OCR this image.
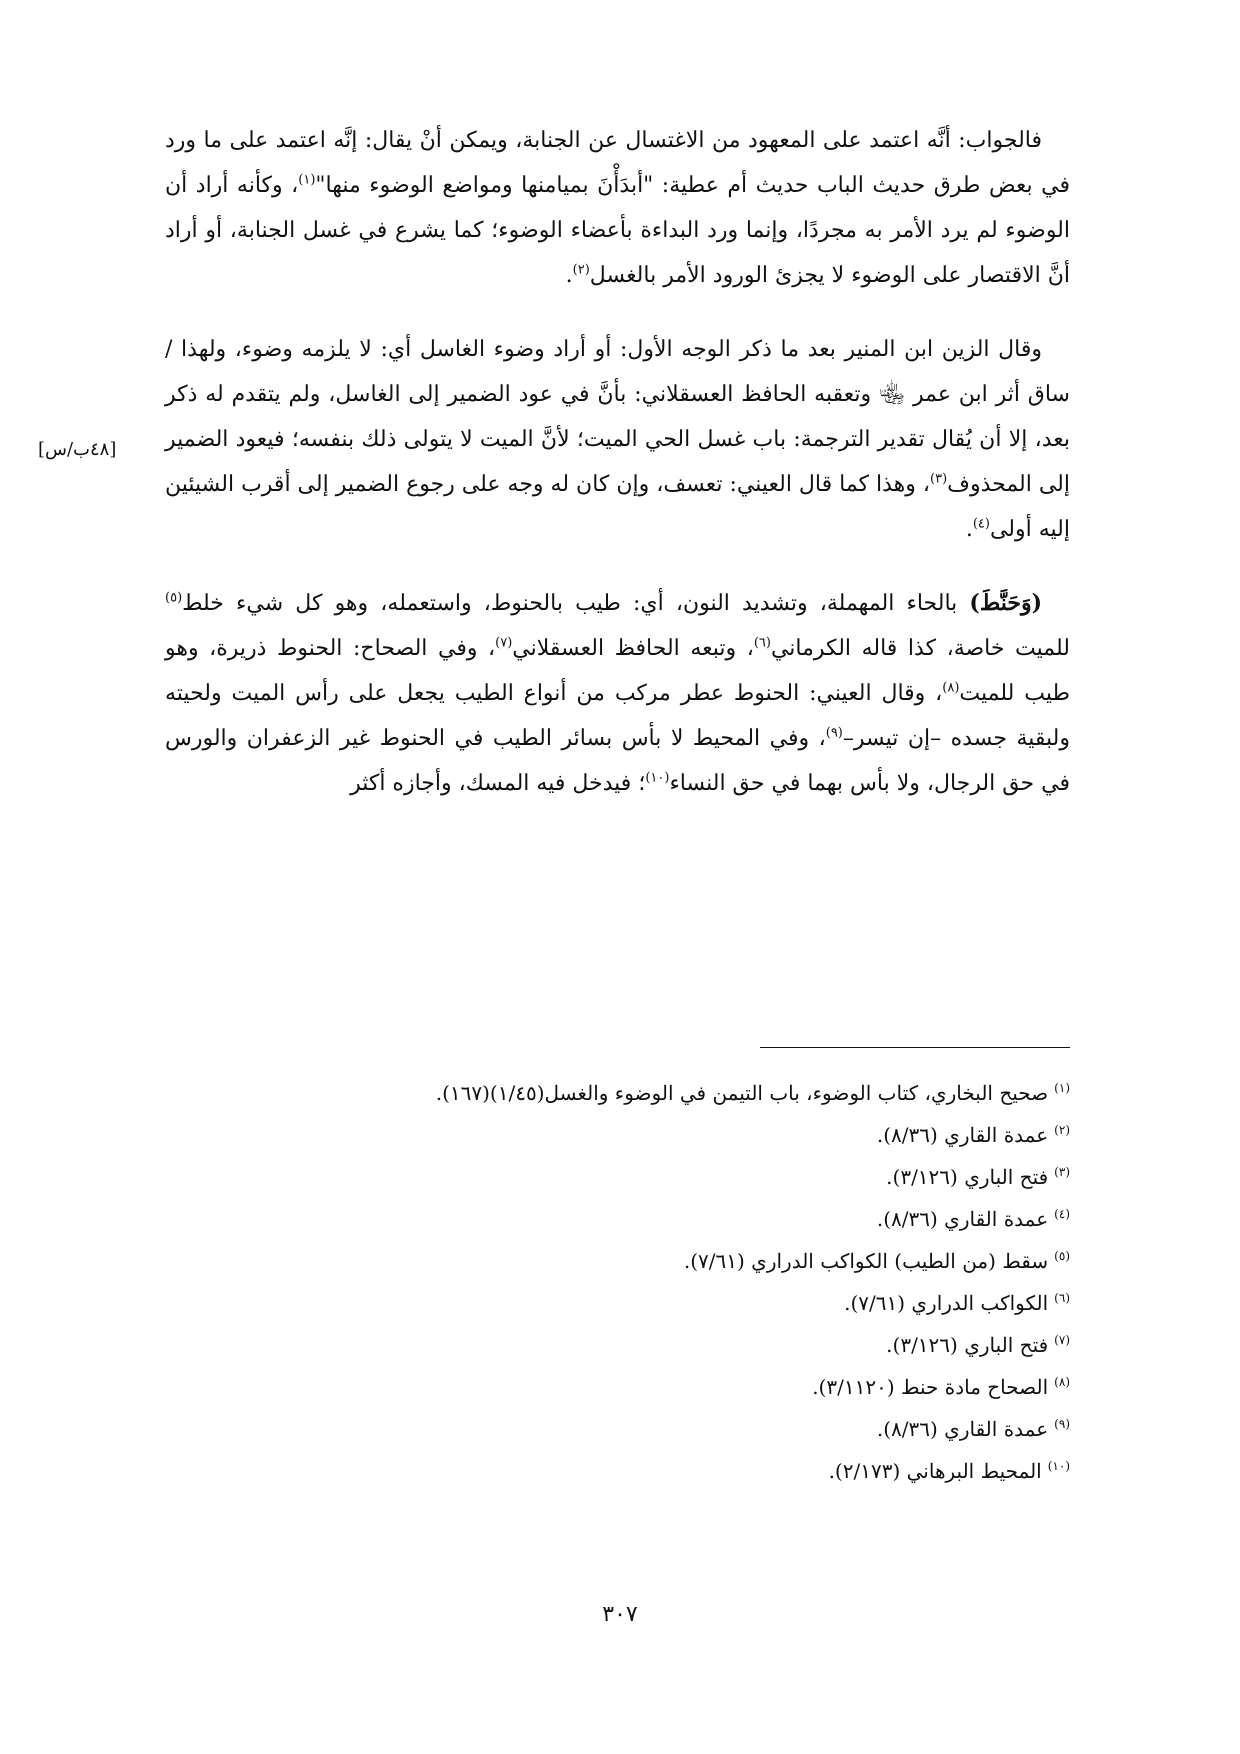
فالجواب: أنَّه اعتمد على المعهود من الاغتسال عن الجنابة، ويمكن أنْ يقال: إنَّه اعتمد على ما ورد في بعض طرق حديث الباب حديث أم عطية: "أبدَأْنَ بميامنها ومواضع الوضوء منها"$^{(١)}$، وكأنه أراد أن الوضوء لم يرد الأمر به مجردًا، وإنما ورد البداءة بأعضاء الوضوء؛ كما يشرع في غسل الجنابة، أو أراد أنَّ الاقتصار على الوضوء لا يجزئ الورود الأمر بالغسل$^{(٢)}$.

وقال الزين ابن المنير بعد ما ذكر الوجه الأول: أو أراد وضوء الغاسل أي: لا يلزمه وضوء، ولهذا /ساق أثر ابن عمر ﵄ وتعقبه الحافظ العسقلاني: بأنَّ في عود الضمير إلى الغاسل، ولم يتقدم له ذكر بعد، إلا أن يُقال تقدير الترجمة: باب غسل الحي الميت؛ لأنَّ الميت لا يتولى ذلك بنفسه؛ فيعود الضمير إلى المحذوف$^{(٣)}$، وهذا كما قال العيني: تعسف، وإن كان له وجه على رجوع الضمير إلى أقرب الشيئين إليه أولى$^{(٤)}$.

(وَحَنَّطَ) بالحاء المهملة، وتشديد النون، أي: طيب بالحنوط، واستعمله، وهو كل شيء خلط$^{(٥)}$ للميت خاصة، كذا قاله الكرماني$^{(٦)}$، وتبعه الحافظ العسقلاني$^{(٧)}$، وفي الصحاح: الحنوط ذريرة، وهو طيب للميت$^{(٨)}$، وقال العيني: الحنوط عطر مركب من أنواع الطيب يجعل على رأس الميت ولحيته ولبقية جسده –إن تيسر–$^{(٩)}$، وفي المحيط لا بأس بسائر الطيب في الحنوط غير الزعفران والورس في حق الرجال، ولا بأس بهما في حق النساء$^{(١٠)}$؛ فيدخل فيه المسك، وأجازه أكثر

[٤٨ب/س]
$^{(١)}$صحيح البخاري، كتاب الوضوء، باب التيمن في الوضوء والغسل(١/٤٥)(١٦٧).
$^{(٢)}$عمدة القاري (٨/٣٦).
$^{(٣)}$فتح الباري (٣/١٢٦).
$^{(٤)}$عمدة القاري (٨/٣٦).
$^{(٥)}$سقط (من الطيب) الكواكب الدراري (٧/٦١).
$^{(٦)}$الكواكب الدراري (٧/٦١).
$^{(٧)}$فتح الباري (٣/١٢٦).
$^{(٨)}$الصحاح مادة حنط (٣/١١٢٠).
$^{(٩)}$عمدة القاري (٨/٣٦).
$^{(١٠)}$المحيط البرهاني (٢/١٧٣).
٣٠٧
